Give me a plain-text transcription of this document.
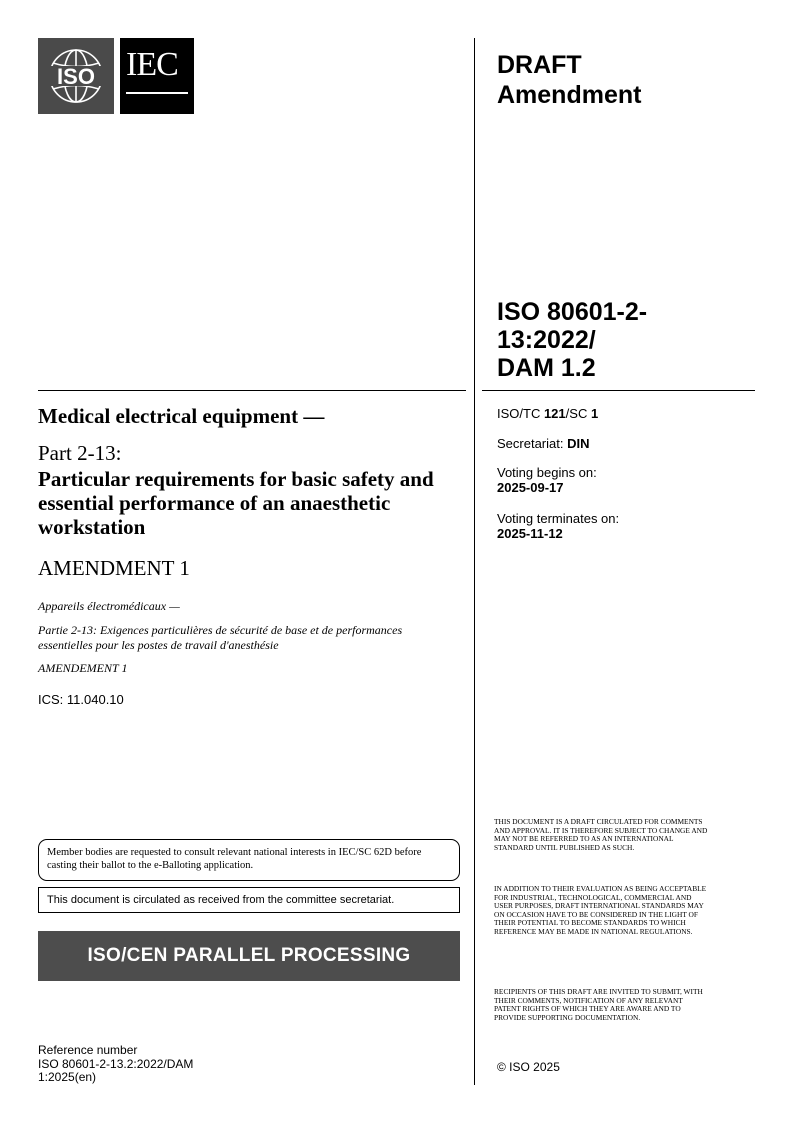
ISO IEC	DRAFT
Amendment
ISO 80601-2-
13:2022/
DAM 1.2
Medical electrical equipment —
Part 2-13:
Particular requirements for basic safety and essential performance of an anaesthetic workstation
AMENDMENT 1
Appareils électromédicaux —
Partie 2-13: Exigences particulières de sécurité de base et de performances essentielles pour les postes de travail d'anesthésie
AMENDEMENT 1
ICS: 11.040.10
ISO/TC 121/SC 1
Secretariat: DIN
Voting begins on:
2025-09-17
Voting terminates on:
2025-11-12
Member bodies are requested to consult relevant national interests in IEC/SC 62D before casting their ballot to the e-Balloting application.
This document is circulated as received from the committee secretariat.
ISO/CEN PARALLEL PROCESSING
Reference number
ISO 80601-2-13.2:2022/DAM
1:2025(en)
THIS DOCUMENT IS A DRAFT CIRCULATED FOR COMMENTS AND APPROVAL. IT IS THEREFORE SUBJECT TO CHANGE AND MAY NOT BE REFERRED TO AS AN INTERNATIONAL STANDARD UNTIL PUBLISHED AS SUCH.
IN ADDITION TO THEIR EVALUATION AS BEING ACCEPTABLE FOR INDUSTRIAL, TECHNOLOGICAL, COMMERCIAL AND USER PURPOSES, DRAFT INTERNATIONAL STANDARDS MAY ON OCCASION HAVE TO BE CONSIDERED IN THE LIGHT OF THEIR POTENTIAL TO BECOME STANDARDS TO WHICH REFERENCE MAY BE MADE IN NATIONAL REGULATIONS.
RECIPIENTS OF THIS DRAFT ARE INVITED TO SUBMIT, WITH THEIR COMMENTS, NOTIFICATION OF ANY RELEVANT PATENT RIGHTS OF WHICH THEY ARE AWARE AND TO PROVIDE SUPPORTING DOCUMENTATION.
© ISO 2025
